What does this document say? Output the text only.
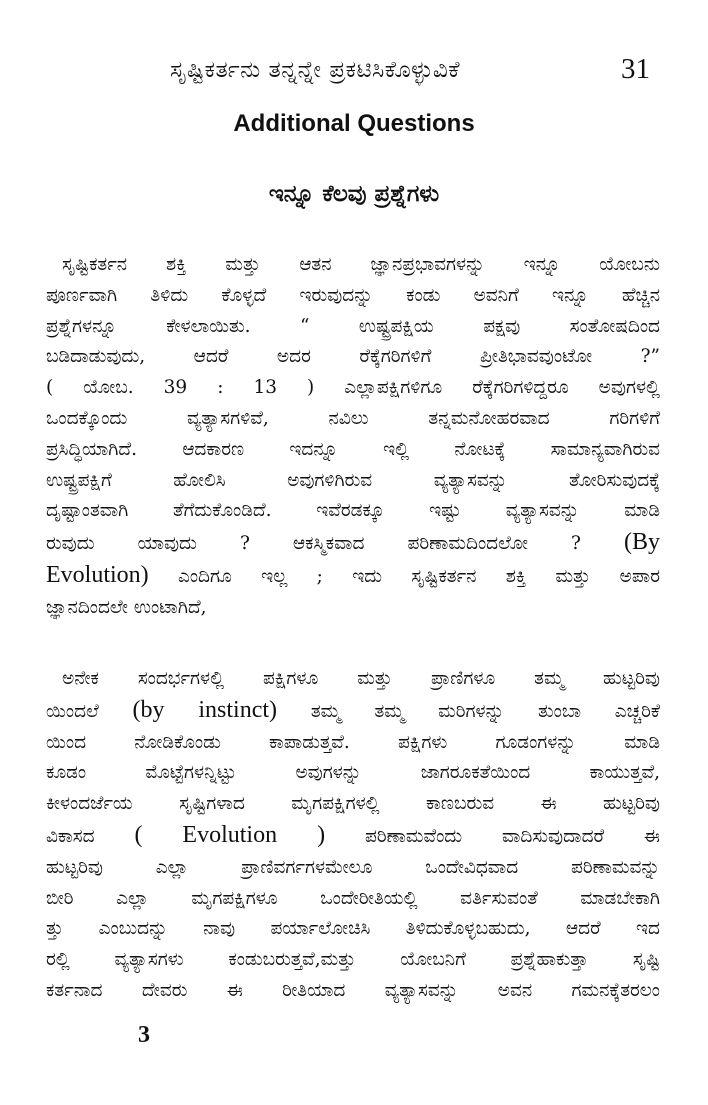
ಸೃಷ್ಟಿಕರ್ತನು ತನ್ನನ್ನೇ ಪ್ರಕಟಿಸಿಕೊಳ್ಳುವಿಕೆ	31
Additional Questions
ಇನ್ನೂ ಕೆಲವು ಪ್ರಶ್ನೆಗಳು
ಸೃಷ್ಟಿಕರ್ತನ ಶಕ್ತಿ ಮತ್ತು ಆತನ ಜ್ಞಾನಪ್ರಭಾವಗಳನ್ನು ಇನ್ನೂ ಯೋಬನು
ಪೂರ್ಣವಾಗಿ ತಿಳಿದು ಕೊಳ್ಳದೆ ಇರುವುದನ್ನು ಕಂಡು ಅವನಿಗೆ ಇನ್ನೂ ಹೆಚ್ಚಿನ
ಪ್ರಶ್ನೆಗಳನ್ನೂ ಕೇಳಲಾಯಿತು. “ ಉಷ್ಟ್ರಪಕ್ಷಿಯ ಪಕ್ಷವು ಸಂತೋಷದಿಂದ
ಬಡಿದಾಡುವುದು, ಆದರೆ ಅದರ ರೆಕ್ಕೆಗರಿಗಳಿಗೆ ಪ್ರೀತಿಭಾವವುಂಟೋ ?”
( ಯೋಬ. 39 : 13 ) ಎಲ್ಲಾಪಕ್ಷಿಗಳಿಗೂ ರೆಕ್ಕೆಗರಿಗಳಿದ್ದರೂ ಅವುಗಳಲ್ಲಿ
ಒಂದಕ್ಕೊಂದು ವ್ಯತ್ಯಾಸಗಳಿವೆ, ನವಿಲು ತನ್ನಮನೋಹರವಾದ ಗರಿಗಳಿಗೆ
ಪ್ರಸಿದ್ಧಿಯಾಗಿದೆ. ಆದಕಾರಣ ಇದನ್ನೂ ಇಲ್ಲಿ ನೋಟಕ್ಕೆ ಸಾಮಾನ್ಯವಾಗಿರುವ
ಉಷ್ಟ್ರಪಕ್ಷಿಗೆ ಹೋಲಿಸಿ ಅವುಗಳಿಗಿರುವ ವ್ಯತ್ಯಾಸವನ್ನು ತೋರಿಸುವುದಕ್ಕೆ
ದೃಷ್ಟಾಂತವಾಗಿ ತೆಗೆದುಕೊಂಡಿದೆ. ಇವೆರಡಕ್ಕೂ ಇಷ್ಟು ವ್ಯತ್ಯಾಸವನ್ನು ಮಾಡಿ
ರುವುದು ಯಾವುದು ? ಆಕಸ್ಮಿಕವಾದ ಪರಿಣಾಮದಿಂದಲೋ ? (By
Evolution) ಎಂದಿಗೂ ಇಲ್ಲ ; ಇದು ಸೃಷ್ಟಿಕರ್ತನ ಶಕ್ತಿ ಮತ್ತು ಅಪಾರ
ಜ್ಞಾನದಿಂದಲೇ ಉಂಟಾಗಿದೆ,
ಅನೇಕ ಸಂದರ್ಭಗಳಲ್ಲಿ ಪಕ್ಷಿಗಳೂ ಮತ್ತು ಪ್ರಾಣಿಗಳೂ ತಮ್ಮ ಹುಟ್ಟರಿವು
ಯಿಂದಲೆ (by instinct) ತಮ್ಮ ತಮ್ಮ ಮರಿಗಳನ್ನು ತುಂಬಾ ಎಚ್ಚರಿಕೆ
ಯಿಂದ ನೋಡಿಕೊಂಡು ಕಾಪಾಡುತ್ತವೆ. ಪಕ್ಷಿಗಳು ಗೂಡಂಗಳನ್ನು ಮಾಡಿ
ಕೂಡಂ ಮೊಟ್ಟೆಗಳನ್ನಿಟ್ಟು ಅವುಗಳನ್ನು ಜಾಗರೂಕತೆಯಿಂದ ಕಾಯುತ್ತವೆ,
ಕೀಳಂದರ್ಜೆಯ ಸೃಷ್ಟಿಗಳಾದ ಮೃಗಪಕ್ಷಿಗಳಲ್ಲಿ ಕಾಣಬರುವ ಈ ಹುಟ್ಟರಿವು
ವಿಕಾಸದ ( Evolution ) ಪರಿಣಾಮವೆಂದು ವಾದಿಸುವುದಾದರೆ ಈ
ಹುಟ್ಟರಿವು ಎಲ್ಲಾ ಪ್ರಾಣಿವರ್ಗಗಳಮೇಲೂ ಒಂದೇವಿಧವಾದ ಪರಿಣಾಮವನ್ನು
ಬೀರಿ ಎಲ್ಲಾ ಮೃಗಪಕ್ಷಿಗಳೂ ಒಂದೇರೀತಿಯಲ್ಲಿ ವರ್ತಿಸುವಂತೆ ಮಾಡಬೇಕಾಗಿ
ತ್ತು ಎಂಬುದನ್ನು ನಾವು ಪರ್ಯಾಲೋಚಿಸಿ ತಿಳಿದುಕೊಳ್ಳಬಹುದು, ಆದರೆ ಇದ
ರಲ್ಲಿ ವ್ಯತ್ಯಾಸಗಳು ಕಂಡುಬರುತ್ತವೆ,ಮತ್ತು ಯೋಬನಿಗೆ ಪ್ರಶ್ನೆಹಾಕುತ್ತಾ ಸೃಷ್ಟಿ
ಕರ್ತನಾದ ದೇವರು ಈ ರೀತಿಯಾದ ವ್ಯತ್ಯಾಸವನ್ನು ಅವನ ಗಮನಕ್ಕೆತರಲಂ
3
